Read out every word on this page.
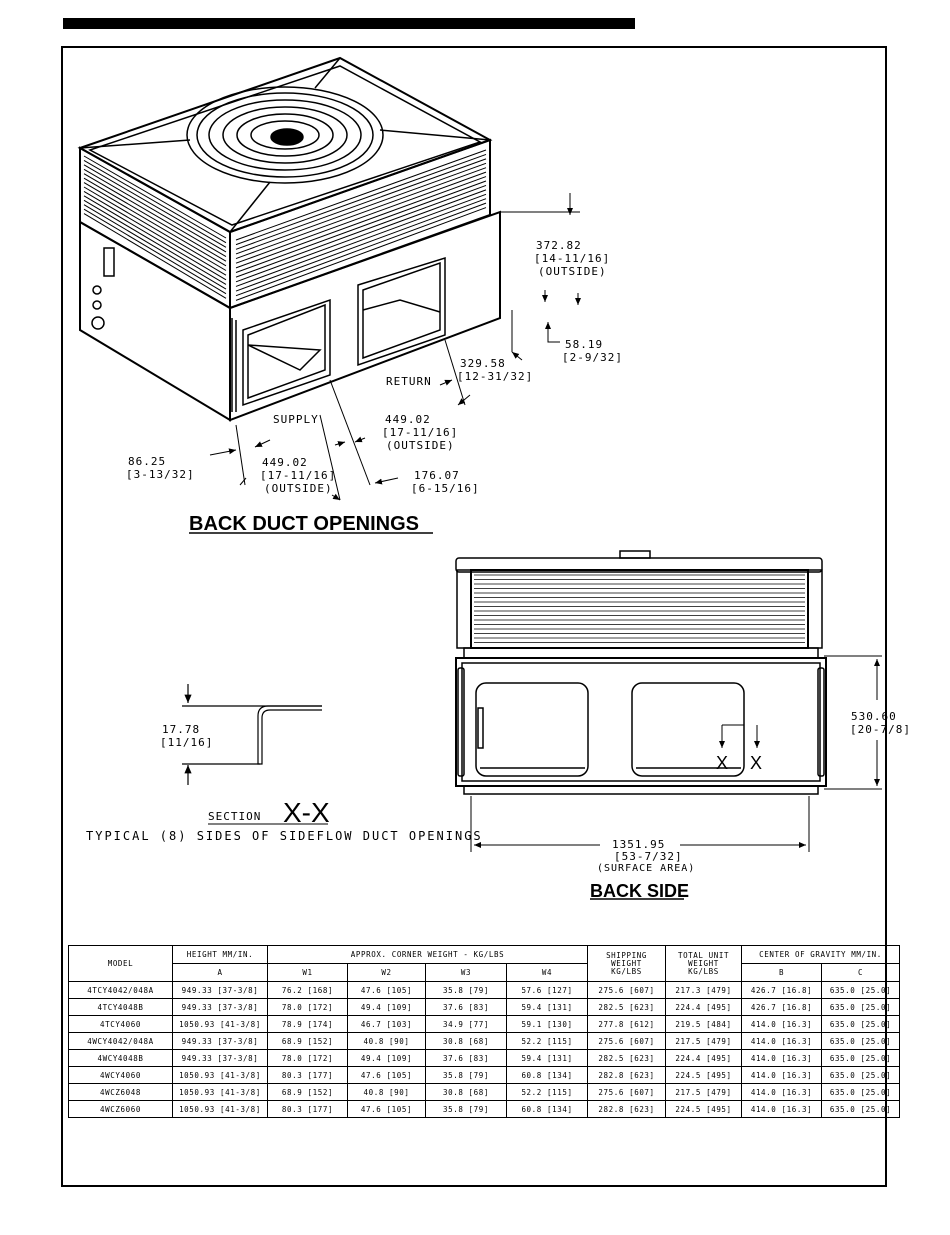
372.82
[14-11/16]
(OUTSIDE)
58.19
[2-9/32]
329.58
[12-31/32]
RETURN
SUPPLY	449.02
[17-11/16]
(OUTSIDE)
86.25
[3-13/32]
449.02
[17-11/16]
(OUTSIDE)
176.07
[6-15/16]
BACK DUCT OPENINGS
17.78
[11/16]
SECTION X-X
TYPICAL (8) SIDES OF SIDEFLOW DUCT OPENINGS
530.60
[20-7/8]
1351.95
[53-7/32]
(SURFACE AREA)
X X
BACK SIDE
MODEL	HEIGHT MM/IN.	APPROX. CORNER WEIGHT - KG/LBS				SHIPPING
WEIGHT
KG/LBS	TOTAL UNIT
WEIGHT
KG/LBS	CENTER OF GRAVITY MM/IN.	
	A	W1	W2	W3	W4			B	C
4TCY4042/048A	949.33 [37-3/8]	76.2 [168]	47.6 [105]	35.8 [79]	57.6 [127]	275.6 [607]	217.3 [479]	426.7 [16.8]	635.0 [25.0]
4TCY4048B	949.33 [37-3/8]	78.0 [172]	49.4 [109]	37.6 [83]	59.4 [131]	282.5 [623]	224.4 [495]	426.7 [16.8]	635.0 [25.0]
4TCY4060	1050.93 [41-3/8]	78.9 [174]	46.7 [103]	34.9 [77]	59.1 [130]	277.8 [612]	219.5 [484]	414.0 [16.3]	635.0 [25.0]
4WCY4042/048A	949.33 [37-3/8]	68.9 [152]	40.8 [90]	30.8 [68]	52.2 [115]	275.6 [607]	217.5 [479]	414.0 [16.3]	635.0 [25.0]
4WCY4048B	949.33 [37-3/8]	78.0 [172]	49.4 [109]	37.6 [83]	59.4 [131]	282.5 [623]	224.4 [495]	414.0 [16.3]	635.0 [25.0]
4WCY4060	1050.93 [41-3/8]	80.3 [177]	47.6 [105]	35.8 [79]	60.8 [134]	282.8 [623]	224.5 [495]	414.0 [16.3]	635.0 [25.0]
4WCZ6048	1050.93 [41-3/8]	68.9 [152]	40.8 [90]	30.8 [68]	52.2 [115]	275.6 [607]	217.5 [479]	414.0 [16.3]	635.0 [25.0]
4WCZ6060	1050.93 [41-3/8]	80.3 [177]	47.6 [105]	35.8 [79]	60.8 [134]	282.8 [623]	224.5 [495]	414.0 [16.3]	635.0 [25.0]
